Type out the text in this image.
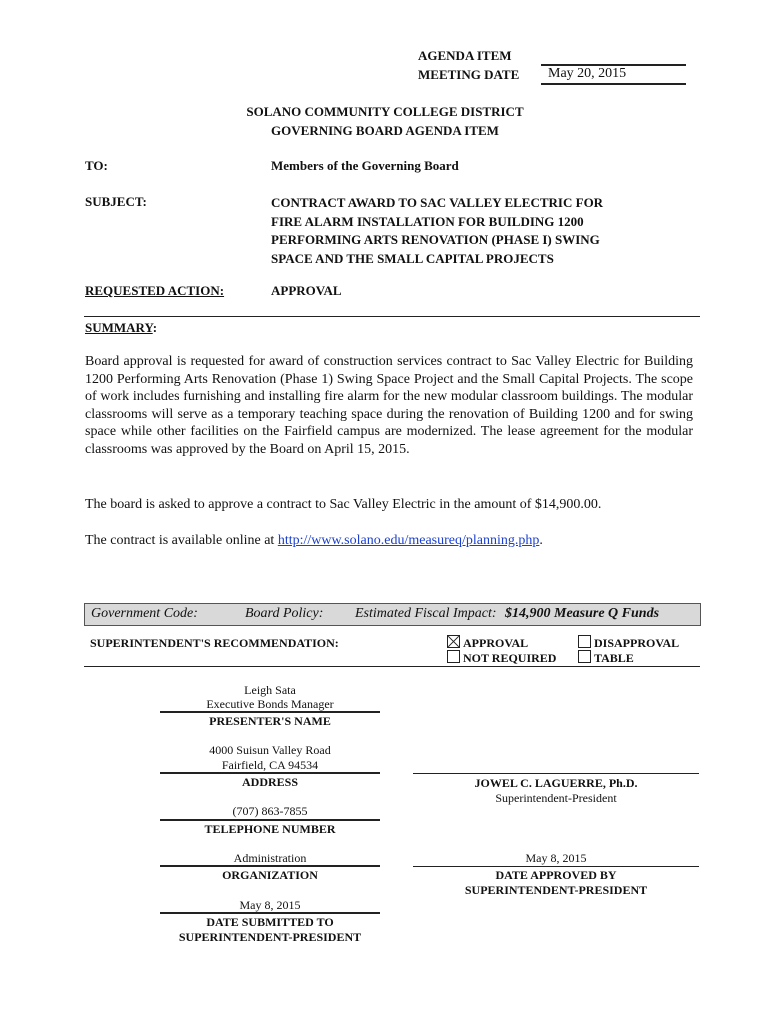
AGENDA ITEM
MEETING DATE May 20, 2015
SOLANO COMMUNITY COLLEGE DISTRICT
GOVERNING BOARD AGENDA ITEM
TO:	Members of the Governing Board
SUBJECT:	CONTRACT AWARD TO SAC VALLEY ELECTRIC FOR
FIRE ALARM INSTALLATION FOR BUILDING 1200
PERFORMING ARTS RENOVATION (PHASE I) SWING
SPACE AND THE SMALL CAPITAL PROJECTS
REQUESTED ACTION:	APPROVAL
SUMMARY:
Board approval is requested for award of construction services contract to Sac Valley Electric for Building 1200 Performing Arts Renovation (Phase 1) Swing Space Project and the Small Capital Projects. The scope of work includes furnishing and installing fire alarm for the new modular classroom buildings. The modular classrooms will serve as a temporary teaching space during the renovation of Building 1200 and for swing space while other facilities on the Fairfield campus are modernized. The lease agreement for the modular classrooms was approved by the Board on April 15, 2015.
The board is asked to approve a contract to Sac Valley Electric in the amount of $14,900.00.
The contract is available online at http://www.solano.edu/measureq/planning.php.
Government Code:	Board Policy: Estimated Fiscal Impact: $14,900 Measure Q Funds
SUPERINTENDENT'S RECOMMENDATION:	APPROVAL	DISAPPROVAL
NOT REQUIRED	TABLE
Leigh Sata
Executive Bonds Manager
PRESENTER'S NAME
4000 Suisun Valley Road
Fairfield, CA 94534
ADDRESS
(707) 863-7855
TELEPHONE NUMBER
Administration
ORGANIZATION
May 8, 2015
DATE SUBMITTED TO
SUPERINTENDENT-PRESIDENT
JOWEL C. LAGUERRE, Ph.D.
Superintendent-President
May 8, 2015
DATE APPROVED BY
SUPERINTENDENT-PRESIDENT
